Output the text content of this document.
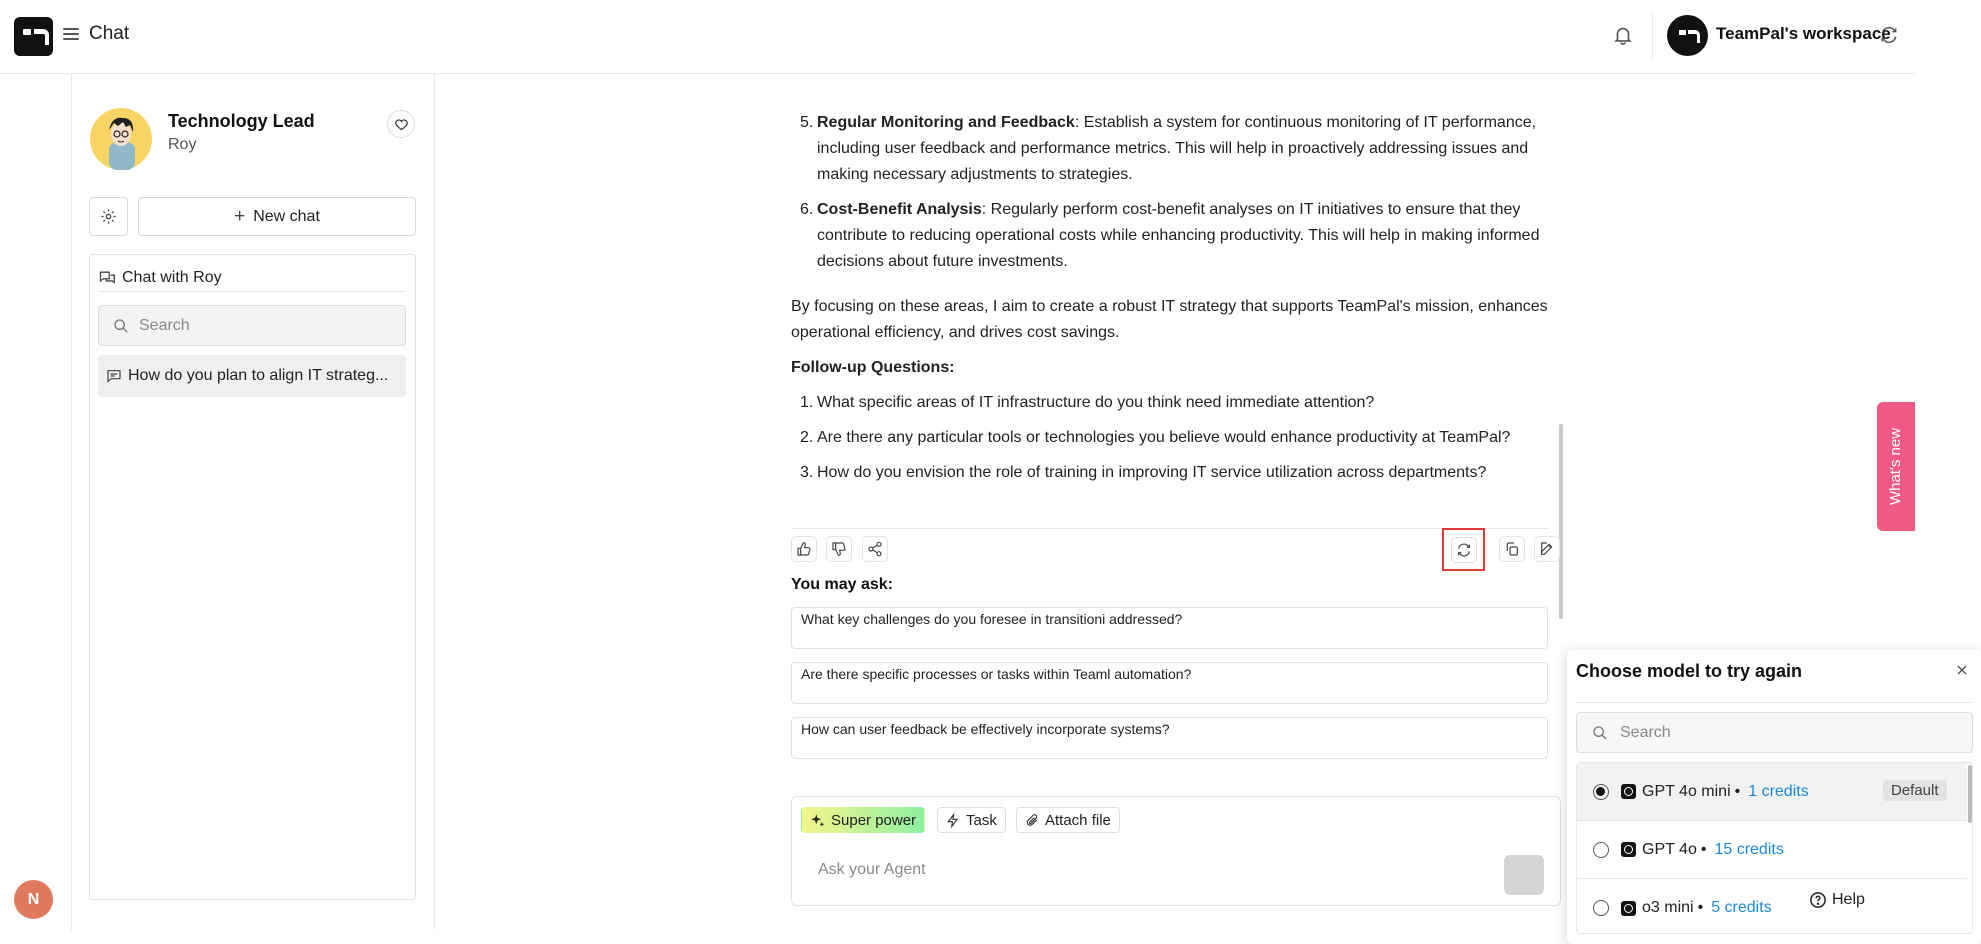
Chat	TeamPal's workspace
N
Technology Lead
Roy
+ New chat
Chat with Roy
Search
How do you plan to align IT strateg...
5. Regular Monitoring and Feedback: Establish a system for continuous monitoring of IT performance, including user feedback and performance metrics. This will help in proactively addressing issues and making necessary adjustments to strategies.
6. Cost-Benefit Analysis: Regularly perform cost-benefit analyses on IT initiatives to ensure that they contribute to reducing operational costs while enhancing productivity. This will help in making informed decisions about future investments.

By focusing on these areas, I aim to create a robust IT strategy that supports TeamPal's mission, enhances operational efficiency, and drives cost savings.

Follow-up Questions:

1. What specific areas of IT infrastructure do you think need immediate attention?
2. Are there any particular tools or technologies you believe would enhance productivity at TeamPal?
3. How do you envision the role of training in improving IT service utilization across departments?
You may ask:
What key challenges do you foresee in transitioni addressed?
Are there specific processes or tasks within Teaml automation?
How can user feedback be effectively incorporate systems?
Super power	Task	Attach file
Ask your Agent
Choose model to try again
Search
GPT 4o mini • 1 credits	Default
GPT 4o • 15 credits
o3 mini • 5 credits
What's new
Help
